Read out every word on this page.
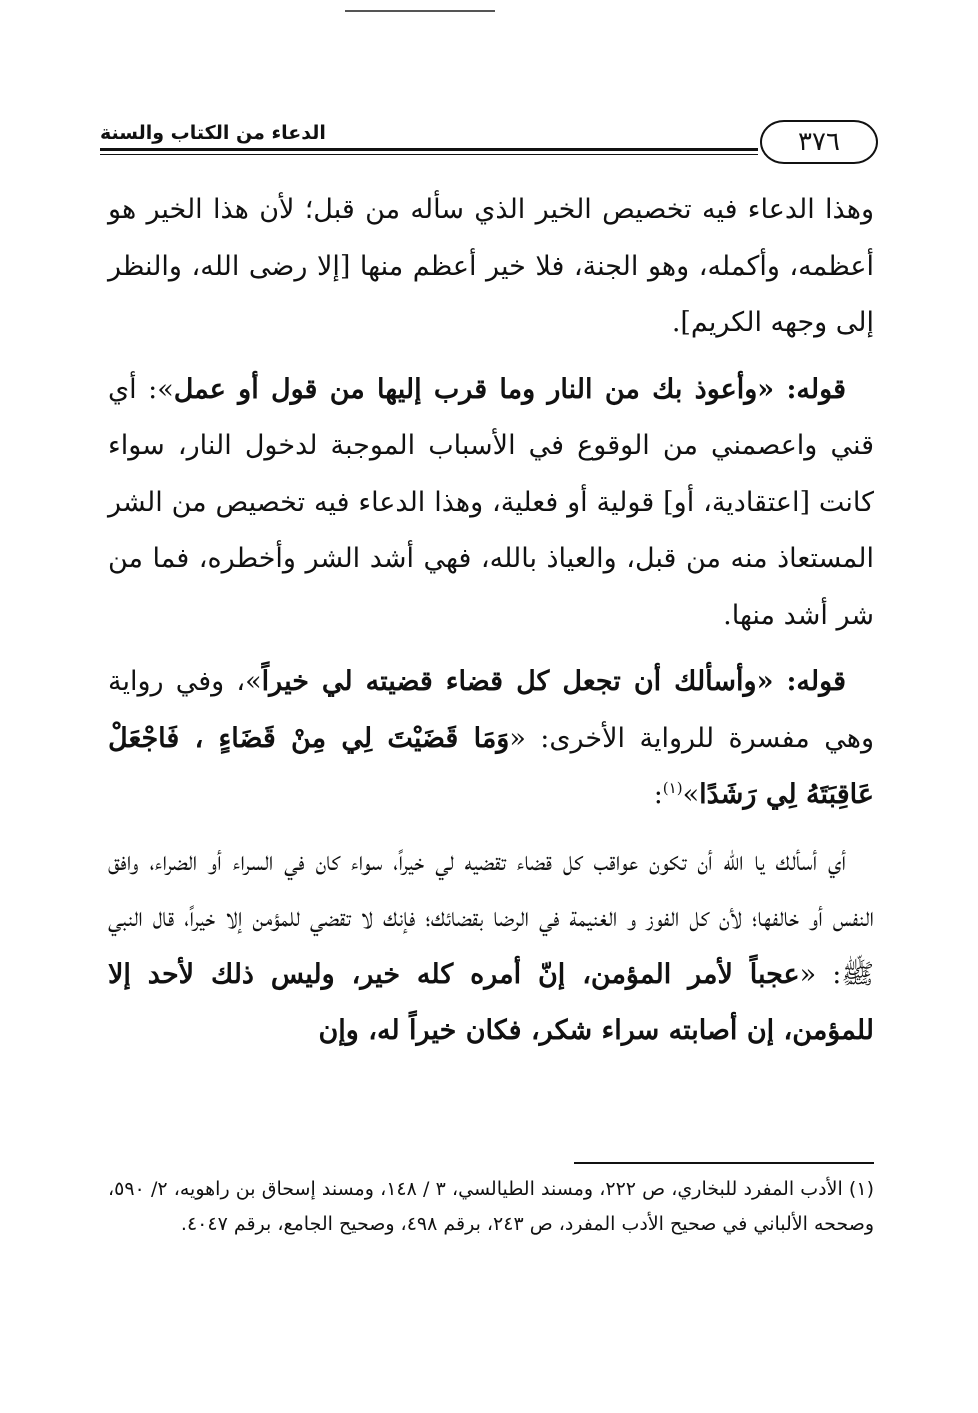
الدعاء من الكتاب والسنة	٣٧٦

وهذا الدعاء فيه تخصيص الخير الذي سأله من قبل؛ لأن هذا الخير هو أعظمه، وأكمله، وهو الجنة، فلا خير أعظم منها [إلا رضى الله، والنظر إلى وجهه الكريم].

قوله: «وأعوذ بك من النار وما قرب إليها من قول أو عمل»: أي قني واعصمني من الوقوع في الأسباب الموجبة لدخول النار، سواء كانت [اعتقادية، أو] قولية أو فعلية، وهذا الدعاء فيه تخصيص من الشر المستعاذ منه من قبل، والعياذ بالله، فهي أشد الشر وأخطره، فما من شر أشد منها.

قوله: «وأسألك أن تجعل كل قضاء قضيته لي خيراً»، وفي رواية وهي مفسرة للرواية الأخرى: «وَمَا قَضَيْتَ لِي مِنْ قَضَاءٍ ، فَاجْعَلْ عَاقِبَتَهُ لِي رَشَدًا»$^{(١)}$:

أي أسألك يا الله أن تكون عواقب كل قضاء تقضيه لي خيراً، سواء كان في السراء أو الضراء، وافق النفس أو خالفها؛ لأن كل الفوز و الغنيمة في الرضا بقضائك؛ فإنك لا تقضي للمؤمن إلا خيراً، قال النبي ﷺ: «عجباً لأمر المؤمن، إنّ أمره كله خير، وليس ذلك لأحد إلا للمؤمن، إن أصابته سراء شكر، فكان خيراً له، وإن

(١) الأدب المفرد للبخاري، ص ٢٢٢، ومسند الطيالسي، ٣ / ١٤٨، ومسند إسحاق بن راهويه، ٢/ ٥٩٠، وصححه الألباني في صحيح الأدب المفرد، ص ٢٤٣، برقم ٤٩٨، وصحيح الجامع، برقم ٤٠٤٧.
